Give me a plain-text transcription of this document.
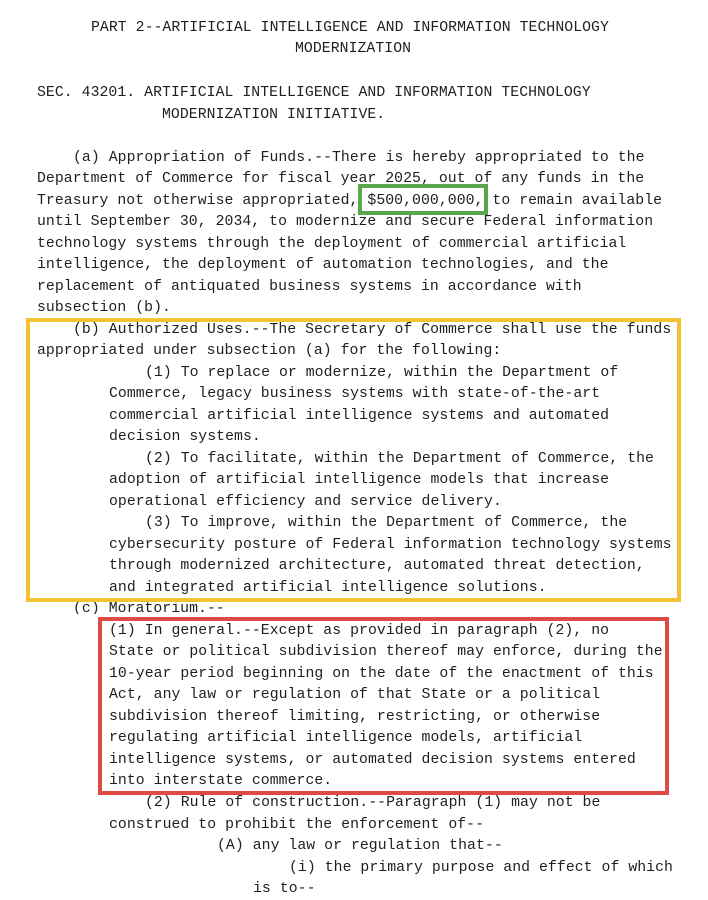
PART 2--ARTIFICIAL INTELLIGENCE AND INFORMATION TECHNOLOGY
MODERNIZATION
SEC. 43201. ARTIFICIAL INTELLIGENCE AND INFORMATION TECHNOLOGY
MODERNIZATION INITIATIVE.
(a) Appropriation of Funds.--There is hereby appropriated to the
Department of Commerce for fiscal year 2025, out of any funds in the
Treasury not otherwise appropriated, $500,000,000, to remain available
until September 30, 2034, to modernize and secure Federal information
technology systems through the deployment of commercial artificial
intelligence, the deployment of automation technologies, and the
replacement of antiquated business systems in accordance with
subsection (b).
(b) Authorized Uses.--The Secretary of Commerce shall use the funds
appropriated under subsection (a) for the following:
(1) To replace or modernize, within the Department of
Commerce, legacy business systems with state-of-the-art
commercial artificial intelligence systems and automated
decision systems.
(2) To facilitate, within the Department of Commerce, the
adoption of artificial intelligence models that increase
operational efficiency and service delivery.
(3) To improve, within the Department of Commerce, the
cybersecurity posture of Federal information technology systems
through modernized architecture, automated threat detection,
and integrated artificial intelligence solutions.
(c) Moratorium.--
(1) In general.--Except as provided in paragraph (2), no
State or political subdivision thereof may enforce, during the
10-year period beginning on the date of the enactment of this
Act, any law or regulation of that State or a political
subdivision thereof limiting, restricting, or otherwise
regulating artificial intelligence models, artificial
intelligence systems, or automated decision systems entered
into interstate commerce.
(2) Rule of construction.--Paragraph (1) may not be
construed to prohibit the enforcement of--
(A) any law or regulation that--
(i) the primary purpose and effect of which
is to--
